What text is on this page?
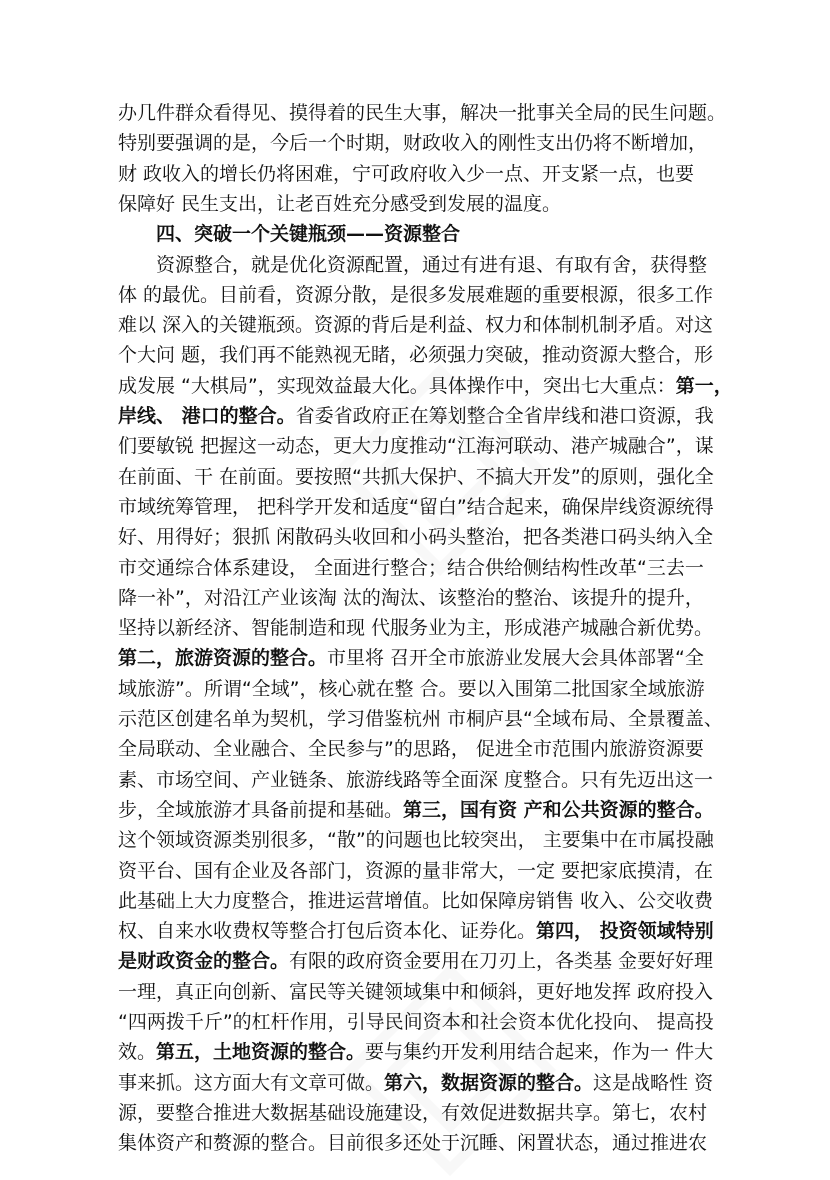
办几件群众看得见、摸得着的民生大事，解决一批事关全局的民生问题。
特别要强调的是，今后一个时期，财政收入的刚性支出仍将不断增加，
财 政收入的增长仍将困难，宁可政府收入少一点、开支紧一点，也要
保障好 民生支出，让老百姓充分感受到发展的温度。
四、突破一个关键瓶颈——资源整合
资源整合，就是优化资源配置，通过有进有退、有取有舍，获得整
体 的最优。目前看，资源分散，是很多发展难题的重要根源，很多工作
难以 深入的关键瓶颈。资源的背后是利益、权力和体制机制矛盾。对这
个大问 题，我们再不能熟视无睹，必须强力突破，推动资源大整合，形
成发展 “大棋局”，实现效益最大化。具体操作中，突出七大重点：第一，
岸线、 港口的整合。省委省政府正在筹划整合全省岸线和港口资源，我
们要敏锐 把握这一动态，更大力度推动“江海河联动、港产城融合”，谋
在前面、干 在前面。要按照“共抓大保护、不搞大开发”的原则，强化全
市域统筹管理， 把科学开发和适度“留白”结合起来，确保岸线资源统得
好、用得好；狠抓 闲散码头收回和小码头整治，把各类港口码头纳入全
市交通综合体系建设， 全面进行整合；结合供给侧结构性改革“三去一
降一补”，对沿江产业该淘 汰的淘汰、该整治的整治、该提升的提升，
坚持以新经济、智能制造和现 代服务业为主，形成港产城融合新优势。
第二，旅游资源的整合。市里将 召开全市旅游业发展大会具体部署“全
域旅游”。所谓“全域”，核心就在整 合。要以入围第二批国家全域旅游
示范区创建名单为契机，学习借鉴杭州 市桐庐县“全域布局、全景覆盖、
全局联动、全业融合、全民参与”的思路， 促进全市范围内旅游资源要
素、市场空间、产业链条、旅游线路等全面深 度整合。只有先迈出这一
步，全域旅游才具备前提和基础。第三，国有资 产和公共资源的整合。
这个领域资源类别很多，“散”的问题也比较突出， 主要集中在市属投融
资平台、国有企业及各部门，资源的量非常大，一定 要把家底摸清，在
此基础上大力度整合，推进运营增值。比如保障房销售 收入、公交收费
权、自来水收费权等整合打包后资本化、证券化。第四， 投资领域特别
是财政资金的整合。有限的政府资金要用在刀刃上，各类基 金要好好理
一理，真正向创新、富民等关键领域集中和倾斜，更好地发挥 政府投入
“四两拨千斤”的杠杆作用，引导民间资本和社会资本优化投向、 提高投
效。第五，土地资源的整合。要与集约开发利用结合起来，作为一 件大
事来抓。这方面大有文章可做。第六，数据资源的整合。这是战略性 资
源，要整合推进大数据基础设施建设，有效促进数据共享。第七，农村
集体资产和赘源的整合。目前很多还处于沉睡、闲置状态，通过推进农
